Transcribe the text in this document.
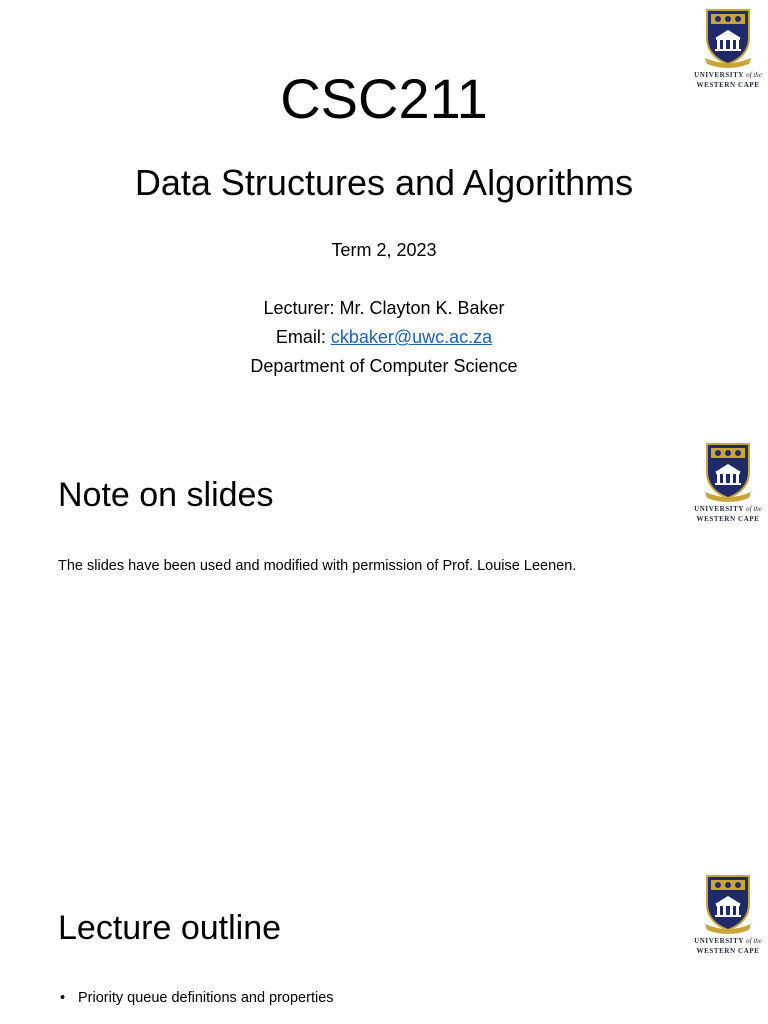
UNIVERSITY of the
WESTERN CAPE
CSC211
Data Structures and Algorithms
Term 2, 2023
Lecturer: Mr. Clayton K. Baker
Email: ckbaker@uwc.ac.za
Department of Computer Science
UNIVERSITY of the
WESTERN CAPE
Note on slides
The slides have been used and modified with permission of Prof. Louise Leenen.
UNIVERSITY of the
WESTERN CAPE
Lecture outline
• Priority queue definitions and properties
